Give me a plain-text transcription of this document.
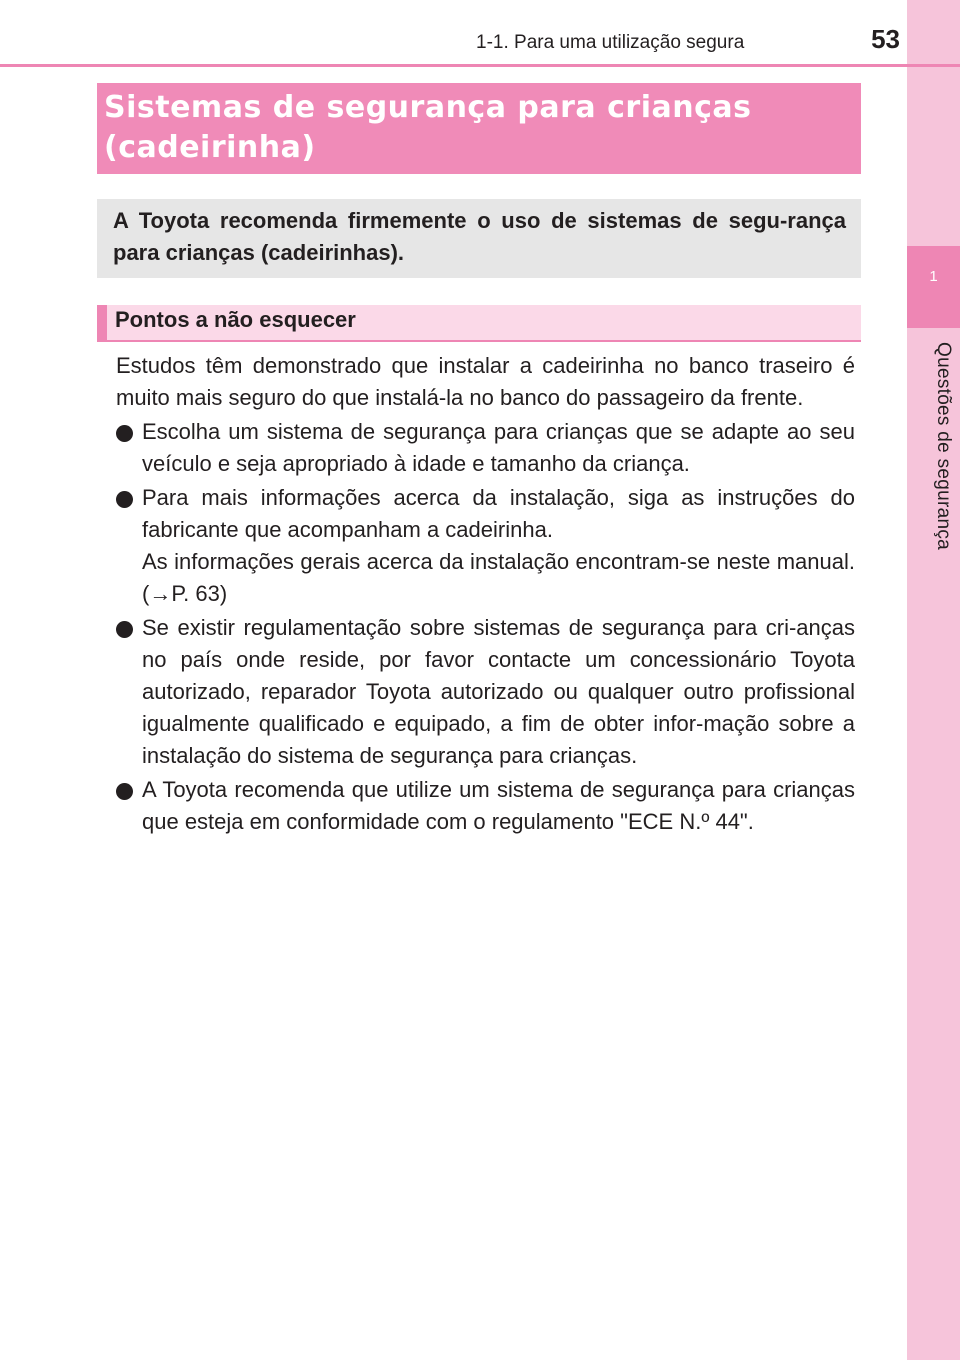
1
Questões de segurança
1-1. Para uma utilização segura	53
Sistemas de segurança para crianças (cadeirinha)
A Toyota recomenda firmemente o uso de sistemas de segu-rança para crianças (cadeirinhas).
Pontos a não esquecer

Estudos têm demonstrado que instalar a cadeirinha no banco traseiro é muito mais seguro do que instalá-la no banco do passageiro da frente.

Escolha um sistema de segurança para crianças que se adapte ao seu veículo e seja apropriado à idade e tamanho da criança.

Para mais informações acerca da instalação, siga as instruções do fabricante que acompanham a cadeirinha.

As informações gerais acerca da instalação encontram-se neste manual. (→P. 63)

Se existir regulamentação sobre sistemas de segurança para cri-anças no país onde reside, por favor contacte um concessionário Toyota autorizado, reparador Toyota autorizado ou qualquer outro profissional igualmente qualificado e equipado, a fim de obter infor-mação sobre a instalação do sistema de segurança para crianças.

A Toyota recomenda que utilize um sistema de segurança para crianças que esteja em conformidade com o regulamento "ECE N.º 44".
